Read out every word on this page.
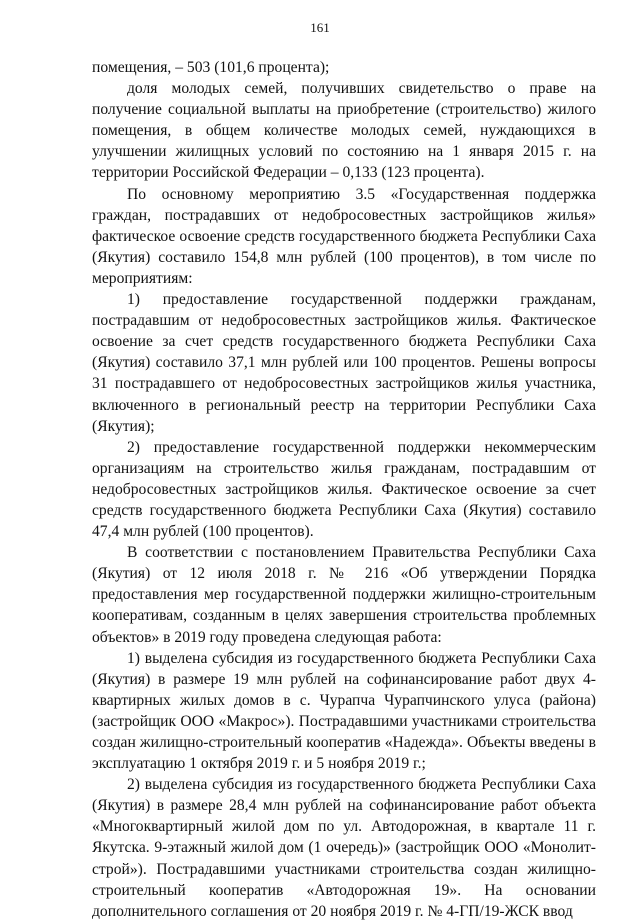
161

помещения, – 503 (101,6 процента);

доля молодых семей, получивших свидетельство о праве на получение социальной выплаты на приобретение (строительство) жилого помещения, в общем количестве молодых семей, нуждающихся в улучшении жилищных условий по состоянию на 1 января 2015 г. на территории Российской Федерации – 0,133 (123 процента).

По основному мероприятию 3.5 «Государственная поддержка граждан, пострадавших от недобросовестных застройщиков жилья» фактическое освоение средств государственного бюджета Республики Саха (Якутия) составило 154,8 млн рублей (100 процентов), в том числе по мероприятиям:

1) предоставление государственной поддержки гражданам, пострадавшим от недобросовестных застройщиков жилья. Фактическое освоение за счет средств государственного бюджета Республики Саха (Якутия) составило 37,1 млн рублей или 100 процентов. Решены вопросы 31 пострадавшего от недобросовестных застройщиков жилья участника, включенного в региональный реестр на территории Республики Саха (Якутия);

2) предоставление государственной поддержки некоммерческим организациям на строительство жилья гражданам, пострадавшим от недобросовестных застройщиков жилья. Фактическое освоение за счет средств государственного бюджета Республики Саха (Якутия) составило 47,4 млн рублей (100 процентов).

В соответствии с постановлением Правительства Республики Саха (Якутия) от 12 июля 2018 г. № 216 «Об утверждении Порядка предоставления мер государственной поддержки жилищно-строительным кооперативам, созданным в целях завершения строительства проблемных объектов» в 2019 году проведена следующая работа:

1) выделена субсидия из государственного бюджета Республики Саха (Якутия) в размере 19 млн рублей на софинансирование работ двух 4-квартирных жилых домов в с. Чурапча Чурапчинского улуса (района) (застройщик ООО «Макрос»). Пострадавшими участниками строительства создан жилищно-строительный кооператив «Надежда». Объекты введены в эксплуатацию 1 октября 2019 г. и 5 ноября 2019 г.;

2) выделена субсидия из государственного бюджета Республики Саха (Якутия) в размере 28,4 млн рублей на софинансирование работ объекта «Многоквартирный жилой дом по ул. Автодорожная, в квартале 11 г. Якутска. 9-этажный жилой дом (1 очередь)» (застройщик ООО «Монолит-строй»). Пострадавшими участниками строительства создан жилищно-строительный кооператив «Автодорожная 19». На основании дополнительного соглашения от 20 ноября 2019 г. № 4-ГП/19-ЖСК ввод
